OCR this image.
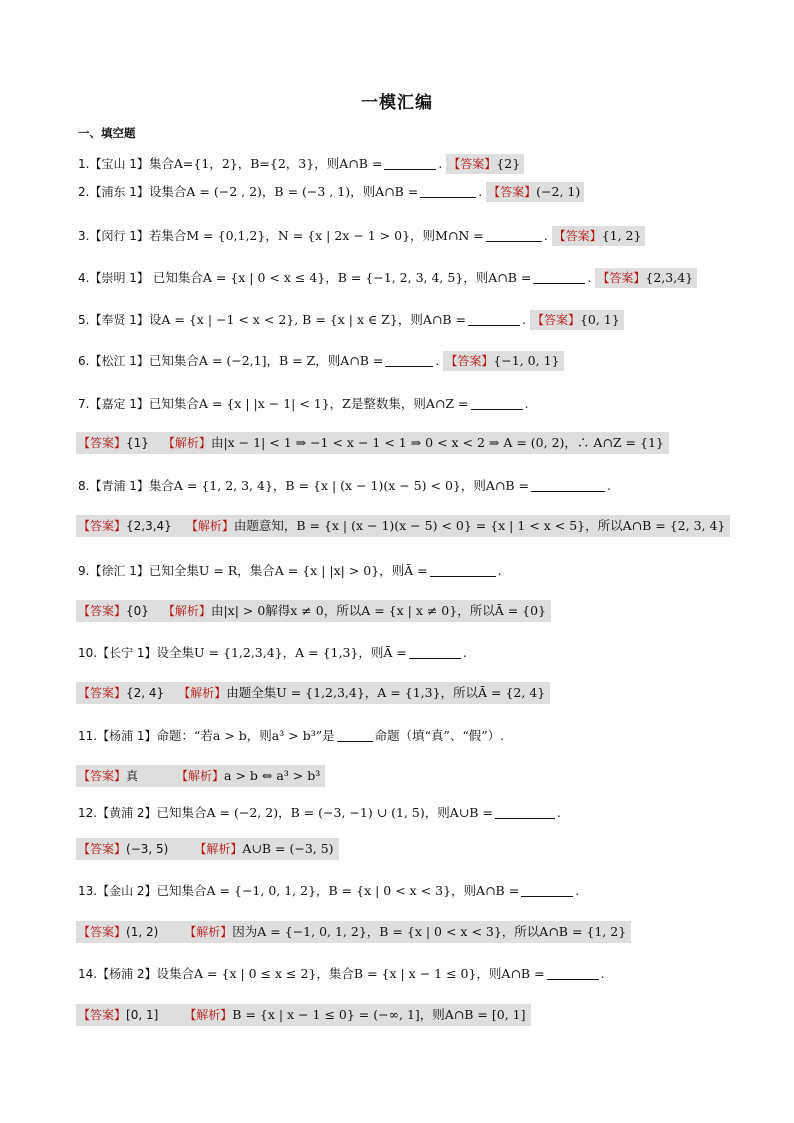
一模汇编
一、填空题
1.【宝山 1】集合A={1，2}，B={2，3}，则A∩B =	. 【答案】{2}
2.【浦东 1】设集合A = (−2 , 2)，B = (−3 , 1)，则A∩B =	. 【答案】(−2, 1)
3.【闵行 1】若集合M = {0,1,2}，N = {x | 2x − 1 > 0}，则M∩N =	. 【答案】{1, 2}
4.【崇明 1】 已知集合A = {x | 0 < x ≤ 4}，B = {−1, 2, 3, 4, 5}，则A∩B =	. 【答案】{2,3,4}
5.【奉贤 1】设A = {x | −1 < x < 2}, B = {x | x ∈ Z}，则A∩B =	. 【答案】{0, 1}
6.【松江 1】已知集合A = (−2,1]，B = Z，则A∩B =	. 【答案】{−1, 0, 1}
7.【嘉定 1】已知集合A = {x | |x − 1| < 1}，Z是整数集，则A∩Z =	.
【答案】{1} 【解析】由|x − 1| < 1 ⇒ −1 < x − 1 < 1 ⇒ 0 < x < 2 ⇒ A = (0, 2)，∴ A∩Z = {1}
8.【青浦 1】集合A = {1, 2, 3, 4}，B = {x | (x − 1)(x − 5) < 0}，则A∩B =	.
【答案】{2,3,4} 【解析】由题意知，B = {x | (x − 1)(x − 5) < 0} = {x | 1 < x < 5}，所以A∩B = {2, 3, 4}
9.【徐汇 1】已知全集U = R，集合A = {x | |x| > 0}，则Ā =	.
【答案】{0} 【解析】由|x| > 0解得x ≠ 0，所以A = {x | x ≠ 0}，所以Ā = {0}
10.【长宁 1】设全集U = {1,2,3,4}，A = {1,3}，则Ā =	.
【答案】{2, 4} 【解析】由题全集U = {1,2,3,4}，A = {1,3}，所以Ā = {2, 4}
11.【杨浦 1】命题：“若a > b，则a³ > b³”是	命题（填“真”、“假”）.
【答案】真	【解析】a > b ⇔ a³ > b³
12.【黄浦 2】已知集合A = (−2, 2)，B = (−3, −1) ∪ (1, 5)，则A∪B =	.
【答案】(−3, 5) 【解析】A∪B = (−3, 5)
13.【金山 2】已知集合A = {−1, 0, 1, 2}，B = {x | 0 < x < 3}，则A∩B =	.
【答案】(1, 2) 【解析】因为A = {−1, 0, 1, 2}，B = {x | 0 < x < 3}，所以A∩B = {1, 2}
14.【杨浦 2】设集合A = {x | 0 ≤ x ≤ 2}，集合B = {x | x − 1 ≤ 0}，则A∩B =	.
【答案】[0, 1] 【解析】B = {x | x − 1 ≤ 0} = (−∞, 1]，则A∩B = [0, 1]
